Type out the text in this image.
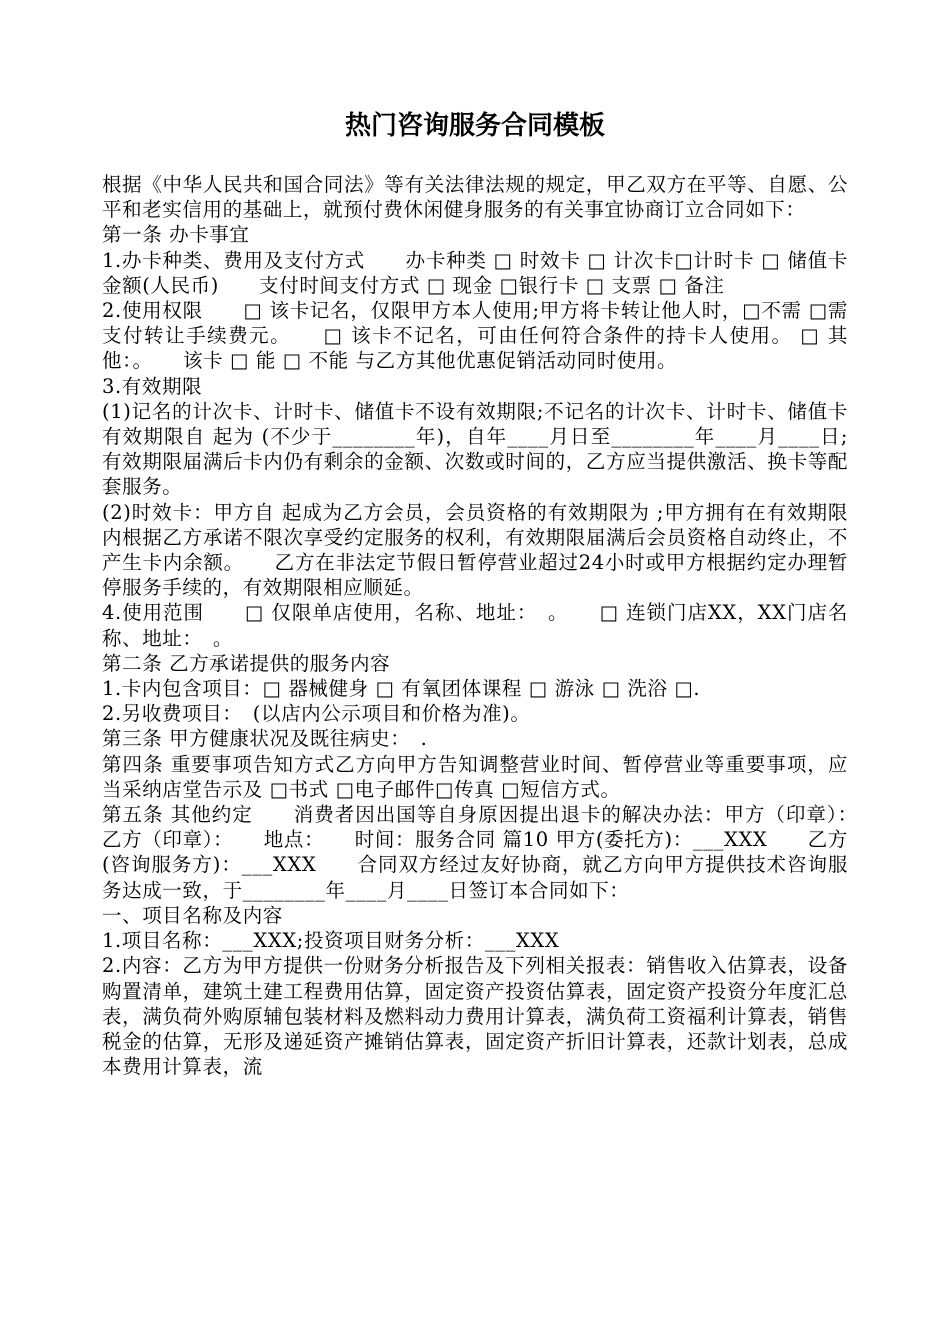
热门咨询服务合同模板

根据《中华人民共和国合同法》等有关法律法规的规定，甲乙双方在平等、自愿、公平和老实信用的基础上，就预付费休闲健身服务的有关事宜协商订立合同如下：

第一条 办卡事宜

1.办卡种类、费用及支付方式　　办卡种类 □ 时效卡 □ 计次卡□计时卡 □ 储值卡 金额(人民币)　　支付时间支付方式 □ 现金 □银行卡 □ 支票 □ 备注

2.使用权限　　□ 该卡记名，仅限甲方本人使用;甲方将卡转让他人时，□不需 □需 支付转让手续费元。　　□ 该卡不记名，可由任何符合条件的持卡人使用。 □ 其他：。　　该卡 □ 能 □ 不能 与乙方其他优惠促销活动同时使用。

3.有效期限

(1)记名的计次卡、计时卡、储值卡不设有效期限;不记名的计次卡、计时卡、储值卡有效期限自 起为 (不少于________年)，自年____月日至________年____月____日;有效期限届满后卡内仍有剩余的金额、次数或时间的，乙方应当提供激活、换卡等配套服务。

(2)时效卡：甲方自 起成为乙方会员，会员资格的有效期限为 ;甲方拥有在有效期限内根据乙方承诺不限次享受约定服务的权利，有效期限届满后会员资格自动终止，不产生卡内余额。　　乙方在非法定节假日暂停营业超过24小时或甲方根据约定办理暂停服务手续的，有效期限相应顺延。

4.使用范围　　□ 仅限单店使用，名称、地址：　。　　□ 连锁门店XX，XX门店名称、地址：　。

第二条 乙方承诺提供的服务内容

1.卡内包含项目：□ 器械健身 □ 有氧团体课程 □ 游泳 □ 洗浴 □.

2.另收费项目：　(以店内公示项目和价格为准)。

第三条 甲方健康状况及既往病史：　.

第四条 重要事项告知方式乙方向甲方告知调整营业时间、暂停营业等重要事项，应当采纳店堂告示及 □书式 □电子邮件□传真 □短信方式。

第五条 其他约定　　消费者因出国等自身原因提出退卡的解决办法：甲方（印章）：　乙方（印章）：　　地点：　　时间：服务合同 篇10 甲方(委托方)：___XXX　　乙方(咨询服务方)：___XXX　　合同双方经过友好协商，就乙方向甲方提供技术咨询服务达成一致，于________年____月____日签订本合同如下：

一、项目名称及内容

1.项目名称：___XXX;投资项目财务分析：___XXX

2.内容：乙方为甲方提供一份财务分析报告及下列相关报表：销售收入估算表，设备购置清单，建筑土建工程费用估算，固定资产投资估算表，固定资产投资分年度汇总表，满负荷外购原辅包装材料及燃料动力费用计算表，满负荷工资福利计算表，销售税金的估算，无形及递延资产摊销估算表，固定资产折旧计算表，还款计划表，总成本费用计算表，流
